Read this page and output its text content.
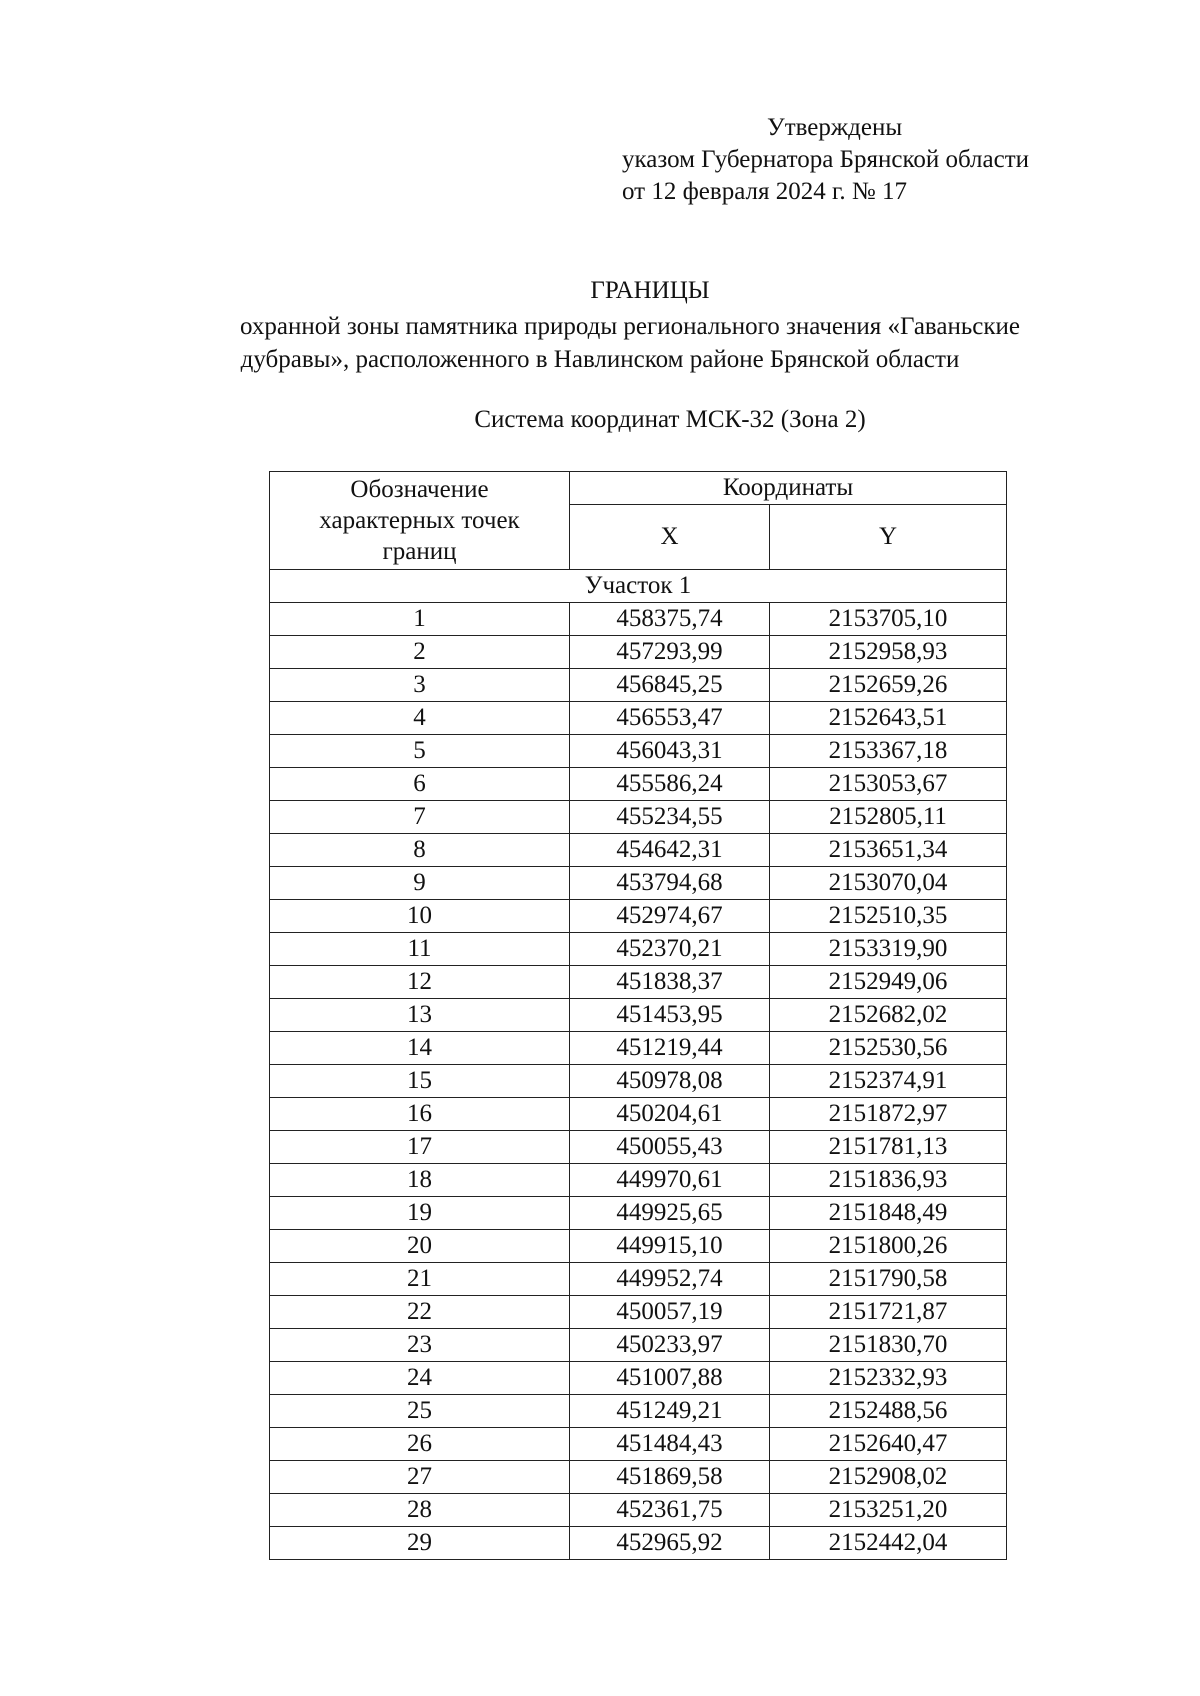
Утверждены
указом Губернатора Брянской области
от 12 февраля 2024 г. № 17
ГРАНИЦЫ
охранной зоны памятника природы регионального значения «Гаваньские
дубравы», расположенного в Навлинском районе Брянской области
Система координат МСК-32 (Зона 2)
Обозначение
характерных точек
границ	Координаты	
	X	Y
Участок 1		
1	458375,74	2153705,10
2	457293,99	2152958,93
3	456845,25	2152659,26
4	456553,47	2152643,51
5	456043,31	2153367,18
6	455586,24	2153053,67
7	455234,55	2152805,11
8	454642,31	2153651,34
9	453794,68	2153070,04
10	452974,67	2152510,35
11	452370,21	2153319,90
12	451838,37	2152949,06
13	451453,95	2152682,02
14	451219,44	2152530,56
15	450978,08	2152374,91
16	450204,61	2151872,97
17	450055,43	2151781,13
18	449970,61	2151836,93
19	449925,65	2151848,49
20	449915,10	2151800,26
21	449952,74	2151790,58
22	450057,19	2151721,87
23	450233,97	2151830,70
24	451007,88	2152332,93
25	451249,21	2152488,56
26	451484,43	2152640,47
27	451869,58	2152908,02
28	452361,75	2153251,20
29	452965,92	2152442,04
